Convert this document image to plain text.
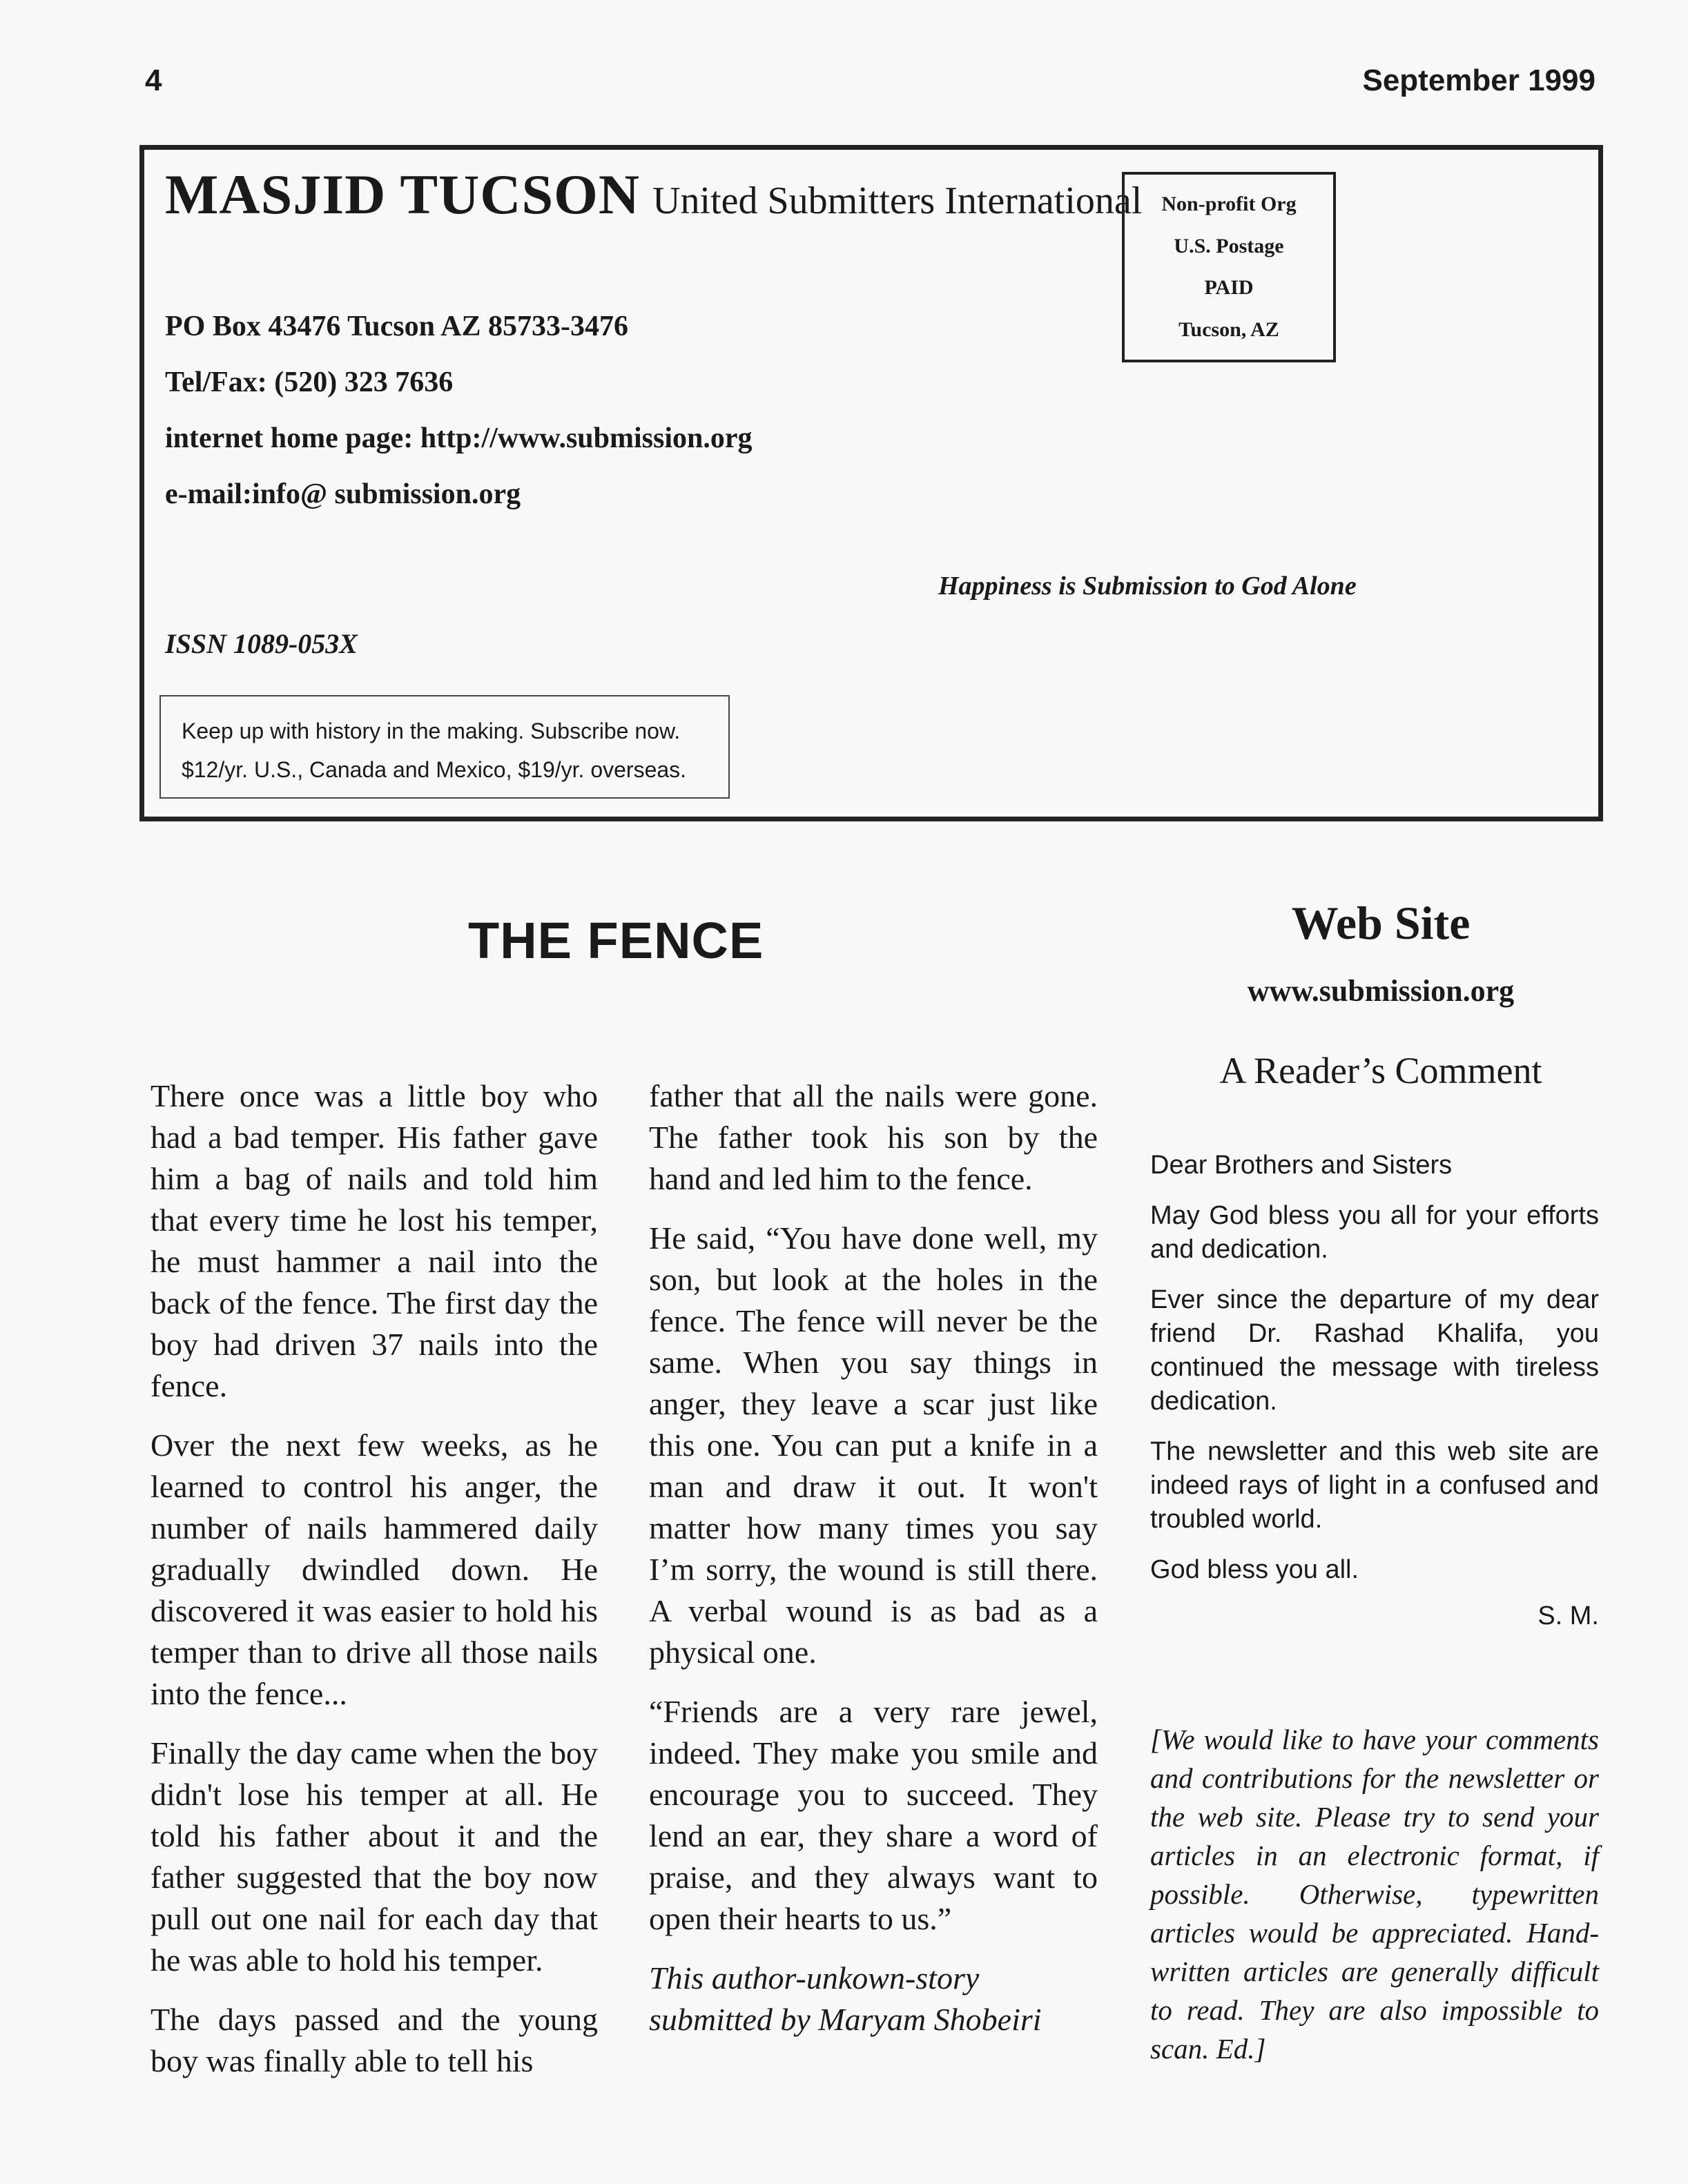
4	September 1999
MASJID TUCSON United Submitters International Non-profit Org
U.S. Postage
PAID
Tucson, AZ
PO Box 43476 Tucson AZ 85733-3476
Tel/Fax: (520) 323 7636
internet home page: http://www.submission.org
e-mail:info@ submission.org
Happiness is Submission to God Alone
ISSN 1089-053X
Keep up with history in the making. Subscribe now.
$12/yr. U.S., Canada and Mexico, $19/yr. overseas.
THE FENCE

There once was a little boy who had a bad temper. His father gave him a bag of nails and told him that every time he lost his temper, he must hammer a nail into the back of the fence. The first day the boy had driven 37 nails into the fence.

Over the next few weeks, as he learned to control his anger, the number of nails hammered daily gradually dwindled down. He discovered it was easier to hold his temper than to drive all those nails into the fence...

Finally the day came when the boy didn't lose his temper at all. He told his father about it and the father suggested that the boy now pull out one nail for each day that he was able to hold his temper.

The days passed and the young boy was finally able to tell his

father that all the nails were gone. The father took his son by the hand and led him to the fence.

He said, “You have done well, my son, but look at the holes in the fence. The fence will never be the same. When you say things in anger, they leave a scar just like this one. You can put a knife in a man and draw it out. It won't matter how many times you say I’m sorry, the wound is still there. A verbal wound is as bad as a physical one.

“Friends are a very rare jewel, indeed. They make you smile and encourage you to succeed. They lend an ear, they share a word of praise, and they always want to open their hearts to us.”

This author-unkown-story submitted by Maryam Shobeiri

Web Site
www.submission.org
A Reader’s Comment

Dear Brothers and Sisters

May God bless you all for your efforts and dedication.

Ever since the departure of my dear friend Dr. Rashad Khalifa, you continued the message with tireless dedication.

The newsletter and this web site are indeed rays of light in a confused and troubled world.

God bless you all.

S. M.
[We would like to have your comments and contributions for the newsletter or the web site. Please try to send your articles in an electronic format, if possible. Otherwise, typewritten articles would be appreciated. Hand-written articles are generally difficult to read. They are also impossible to scan. Ed.]
